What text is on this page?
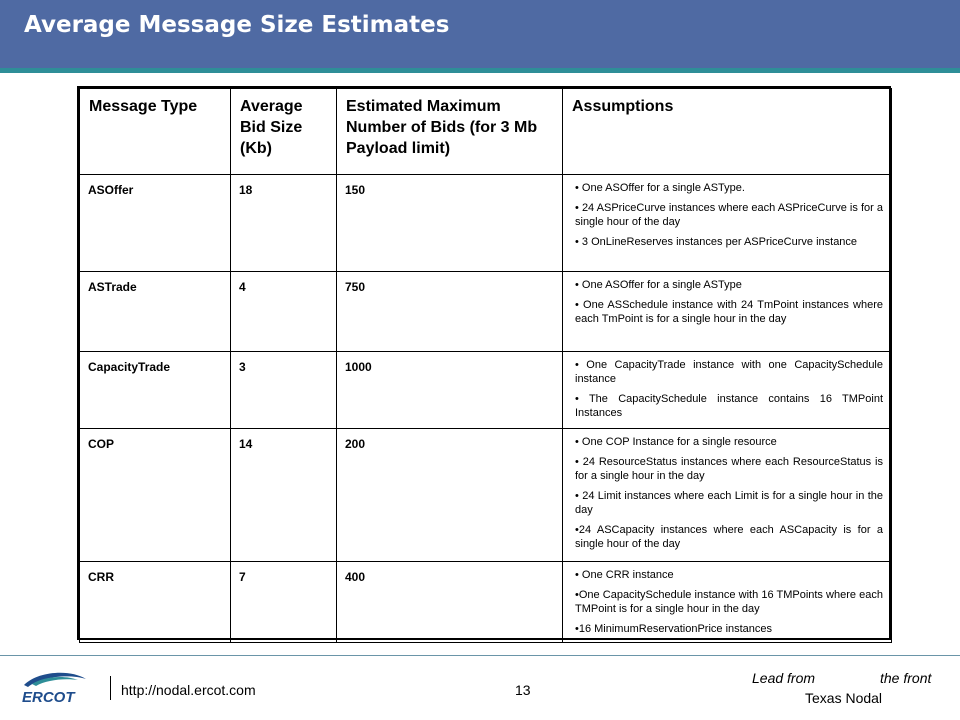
Average Message Size Estimates
Message Type	Average Bid Size (Kb)	Estimated Maximum Number of Bids (for 3 Mb Payload limit)	Assumptions
ASOffer	18	150	• One ASOffer for a single ASType.
• 24 ASPriceCurve instances where each ASPriceCurve is for a single hour of the day
• 3 OnLineReserves instances per ASPriceCurve instance

ASTrade	4	750	• One ASOffer for a single ASType
• One ASSchedule instance with 24 TmPoint instances where each TmPoint is for a single hour in the day

CapacityTrade	3	1000	• One CapacityTrade instance with one CapacitySchedule instance
• The CapacitySchedule instance contains 16 TMPoint Instances

COP	14	200	• One COP Instance for a single resource
• 24 ResourceStatus instances where each ResourceStatus is for a single hour in the day
• 24 Limit instances where each Limit is for a single hour in the day
•24 ASCapacity instances where each ASCapacity is for a single hour of the day

CRR	7	400	• One CRR instance
•One CapacitySchedule instance with 16 TMPoints where each TMPoint is for a single hour in the day
•16 MinimumReservationPrice instances
ERCOT	http://nodal.ercot.com	13
Lead from	the front
Texas Nodal
